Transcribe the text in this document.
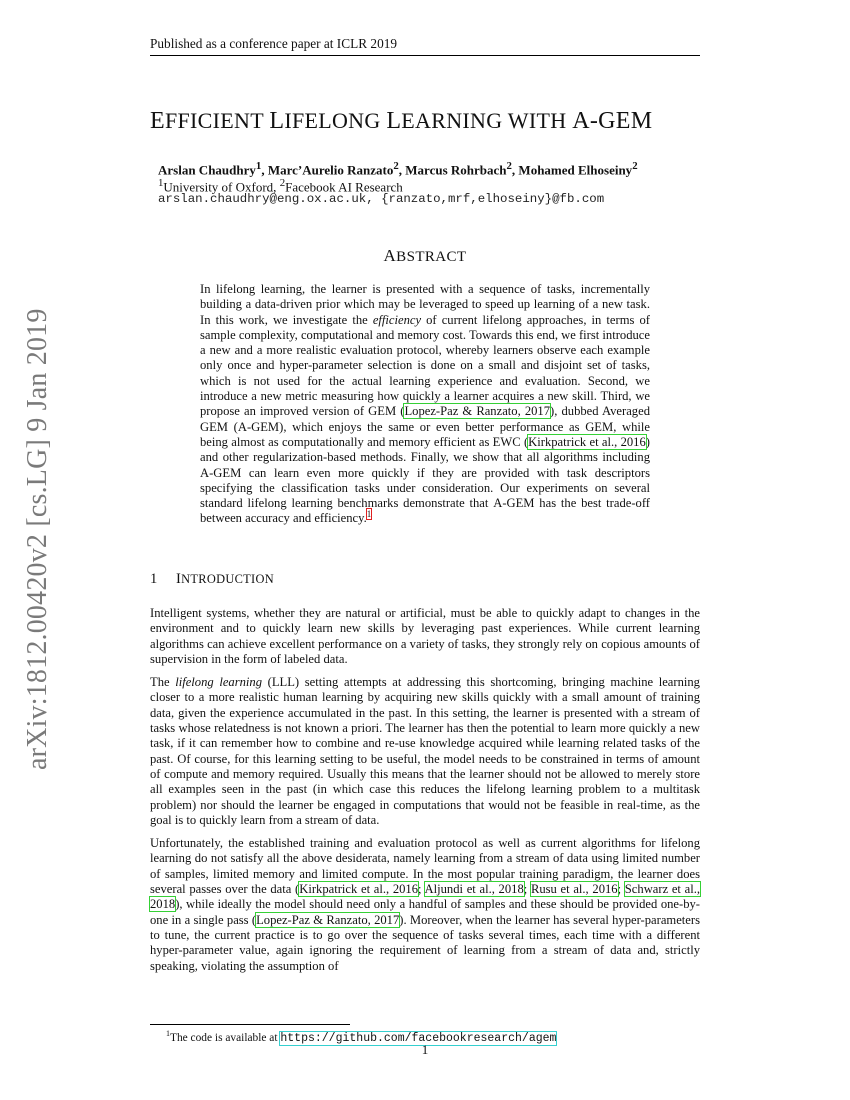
Published as a conference paper at ICLR 2019
arXiv:1812.00420v2 [cs.LG] 9 Jan 2019
EFFICIENT LIFELONG LEARNING WITH A-GEM
Arslan Chaudhry$^1$, Marc’Aurelio Ranzato$^2$, Marcus Rohrbach$^2$, Mohamed Elhoseiny$^2$
$^1$University of Oxford, $^2$Facebook AI Research
arslan.chaudhry@eng.ox.ac.uk, {ranzato,mrf,elhoseiny}@fb.com
ABSTRACT
In lifelong learning, the learner is presented with a sequence of tasks, incrementally building a data-driven prior which may be leveraged to speed up learning of a new task. In this work, we investigate the efficiency of current lifelong approaches, in terms of sample complexity, computational and memory cost. Towards this end, we first introduce a new and a more realistic evaluation protocol, whereby learners observe each example only once and hyper-parameter selection is done on a small and disjoint set of tasks, which is not used for the actual learning experience and evaluation. Second, we introduce a new metric measuring how quickly a learner acquires a new skill. Third, we propose an improved version of GEM (Lopez-Paz & Ranzato, 2017), dubbed Averaged GEM (A-GEM), which enjoys the same or even better performance as GEM, while being almost as computationally and memory efficient as EWC (Kirkpatrick et al., 2016) and other regularization-based methods. Finally, we show that all algorithms including A-GEM can learn even more quickly if they are provided with task descriptors specifying the classification tasks under consideration. Our experiments on several standard lifelong learning benchmarks demonstrate that A-GEM has the best trade-off between accuracy and efficiency.$^1$
1 INTRODUCTION

Intelligent systems, whether they are natural or artificial, must be able to quickly adapt to changes in the environment and to quickly learn new skills by leveraging past experiences. While current learning algorithms can achieve excellent performance on a variety of tasks, they strongly rely on copious amounts of supervision in the form of labeled data.

The lifelong learning (LLL) setting attempts at addressing this shortcoming, bringing machine learning closer to a more realistic human learning by acquiring new skills quickly with a small amount of training data, given the experience accumulated in the past. In this setting, the learner is presented with a stream of tasks whose relatedness is not known a priori. The learner has then the potential to learn more quickly a new task, if it can remember how to combine and re-use knowledge acquired while learning related tasks of the past. Of course, for this learning setting to be useful, the model needs to be constrained in terms of amount of compute and memory required. Usually this means that the learner should not be allowed to merely store all examples seen in the past (in which case this reduces the lifelong learning problem to a multitask problem) nor should the learner be engaged in computations that would not be feasible in real-time, as the goal is to quickly learn from a stream of data.

Unfortunately, the established training and evaluation protocol as well as current algorithms for lifelong learning do not satisfy all the above desiderata, namely learning from a stream of data using limited number of samples, limited memory and limited compute. In the most popular training paradigm, the learner does several passes over the data (Kirkpatrick et al., 2016; Aljundi et al., 2018; Rusu et al., 2016; Schwarz et al., 2018), while ideally the model should need only a handful of samples and these should be provided one-by-one in a single pass (Lopez-Paz & Ranzato, 2017). Moreover, when the learner has several hyper-parameters to tune, the current practice is to go over the sequence of tasks several times, each time with a different hyper-parameter value, again ignoring the requirement of learning from a stream of data and, strictly speaking, violating the assumption of

$^1$The code is available at https://github.com/facebookresearch/agem
1
